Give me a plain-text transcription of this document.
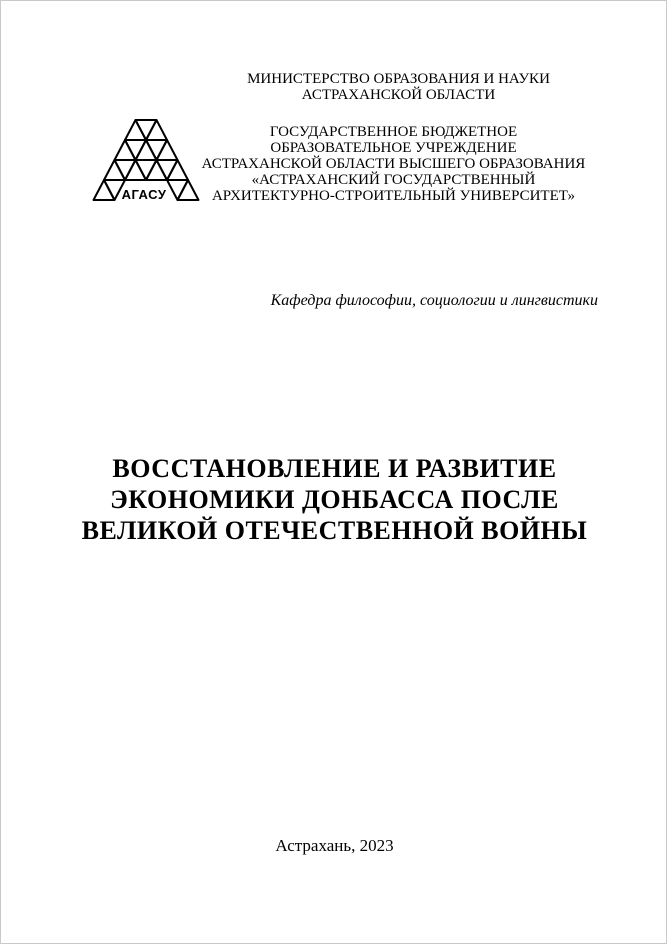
МИНИСТЕРСТВО ОБРАЗОВАНИЯ И НАУКИ
АСТРАХАНСКОЙ ОБЛАСТИ
АГАСУ
ГОСУДАРСТВЕННОЕ БЮДЖЕТНОЕ
ОБРАЗОВАТЕЛЬНОЕ УЧРЕЖДЕНИЕ
АСТРАХАНСКОЙ ОБЛАСТИ ВЫСШЕГО ОБРАЗОВАНИЯ
«АСТРАХАНСКИЙ ГОСУДАРСТВЕННЫЙ
АРХИТЕКТУРНО-СТРОИТЕЛЬНЫЙ УНИВЕРСИТЕТ»
Кафедра философии, социологии и лингвистики
ВОССТАНОВЛЕНИЕ И РАЗВИТИЕ
ЭКОНОМИКИ ДОНБАССА ПОСЛЕ
ВЕЛИКОЙ ОТЕЧЕСТВЕННОЙ ВОЙНЫ
Астрахань, 2023
